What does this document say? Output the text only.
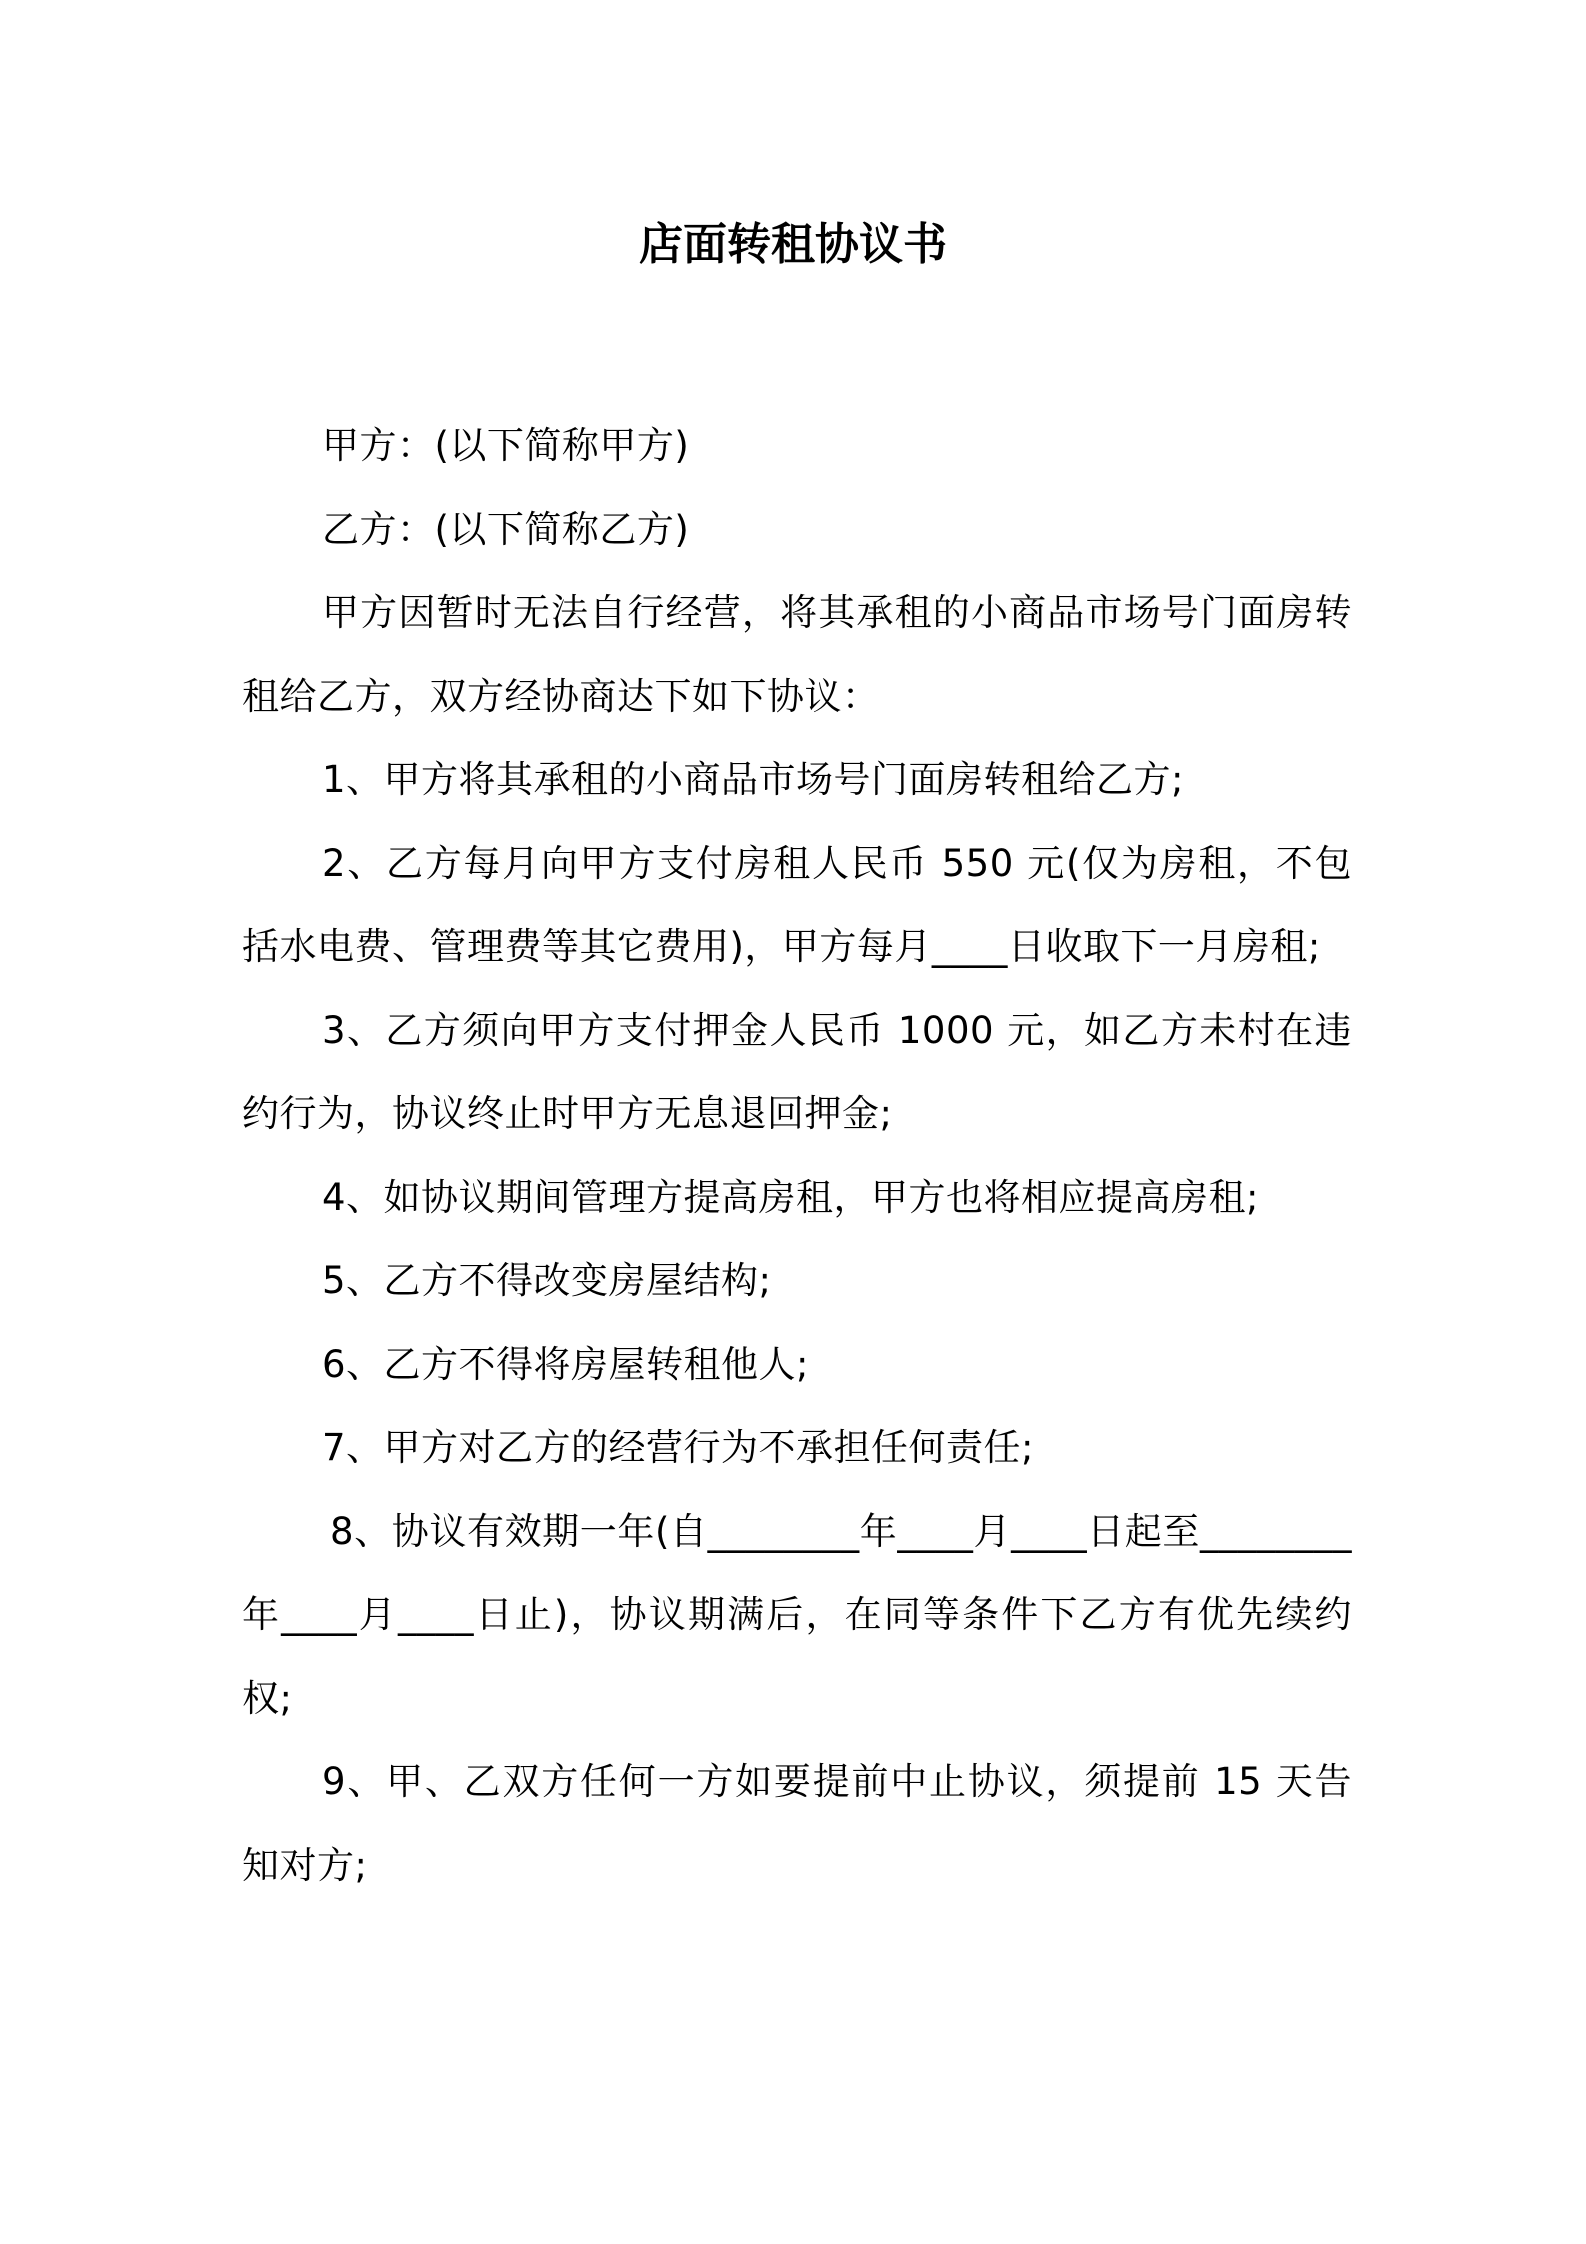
店面转租协议书

甲方：(以下简称甲方)

乙方：(以下简称乙方)

甲方因暂时无法自行经营，将其承租的小商品市场号门面房转租给乙方，双方经协商达下如下协议：

1、甲方将其承租的小商品市场号门面房转租给乙方;

2、乙方每月向甲方支付房租人民币 550 元(仅为房租，不包括水电费、管理费等其它费用)，甲方每月____日收取下一月房租;

3、乙方须向甲方支付押金人民币 1000 元，如乙方未村在违约行为，协议终止时甲方无息退回押金;

4、如协议期间管理方提高房租，甲方也将相应提高房租;

5、乙方不得改变房屋结构;

6、乙方不得将房屋转租他人;

7、甲方对乙方的经营行为不承担任何责任;

8、协议有效期一年(自________年____月____日起至________年____月____日止)，协议期满后，在同等条件下乙方有优先续约权;

9、甲、乙双方任何一方如要提前中止协议，须提前 15 天告知对方;
